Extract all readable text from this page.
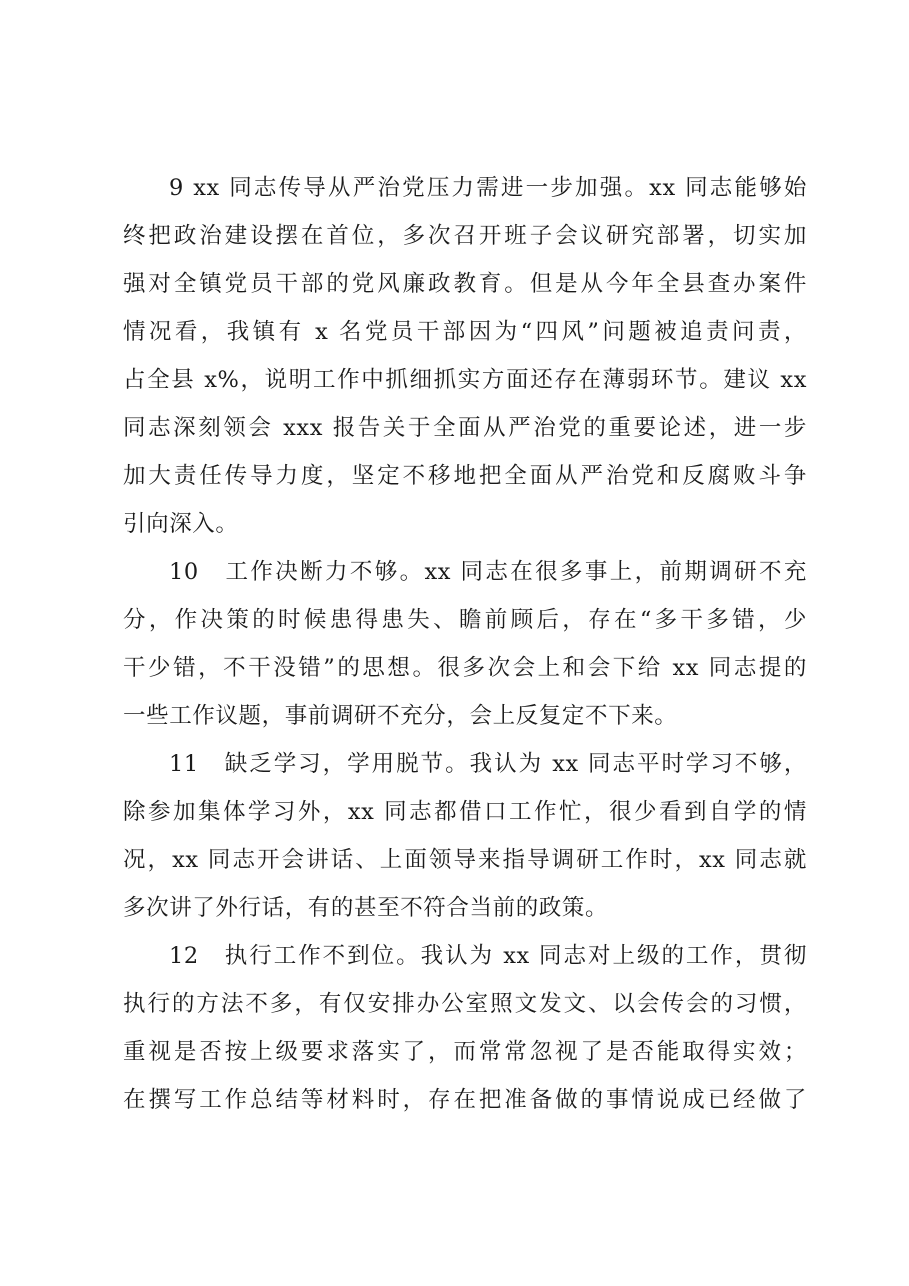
9 xx 同志传导从严治党压力需进一步加强。xx 同志能够始
终把政治建设摆在首位，多次召开班子会议研究部署，切实加
强对全镇党员干部的党风廉政教育。但是从今年全县查办案件
情况看，我镇有 x 名党员干部因为“四风”问题被追责问责，
占全县 x%，说明工作中抓细抓实方面还存在薄弱环节。建议 xx
同志深刻领会 xxx 报告关于全面从严治党的重要论述，进一步
加大责任传导力度，坚定不移地把全面从严治党和反腐败斗争
引向深入。
10　工作决断力不够。xx 同志在很多事上，前期调研不充
分，作决策的时候患得患失、瞻前顾后，存在“多干多错，少
干少错，不干没错”的思想。很多次会上和会下给 xx 同志提的
一些工作议题，事前调研不充分，会上反复定不下来。
11　缺乏学习，学用脱节。我认为 xx 同志平时学习不够，
除参加集体学习外，xx 同志都借口工作忙，很少看到自学的情
况，xx 同志开会讲话、上面领导来指导调研工作时，xx 同志就
多次讲了外行话，有的甚至不符合当前的政策。
12　执行工作不到位。我认为 xx 同志对上级的工作，贯彻
执行的方法不多，有仅安排办公室照文发文、以会传会的习惯，
重视是否按上级要求落实了，而常常忽视了是否能取得实效；
在撰写工作总结等材料时，存在把准备做的事情说成已经做了
